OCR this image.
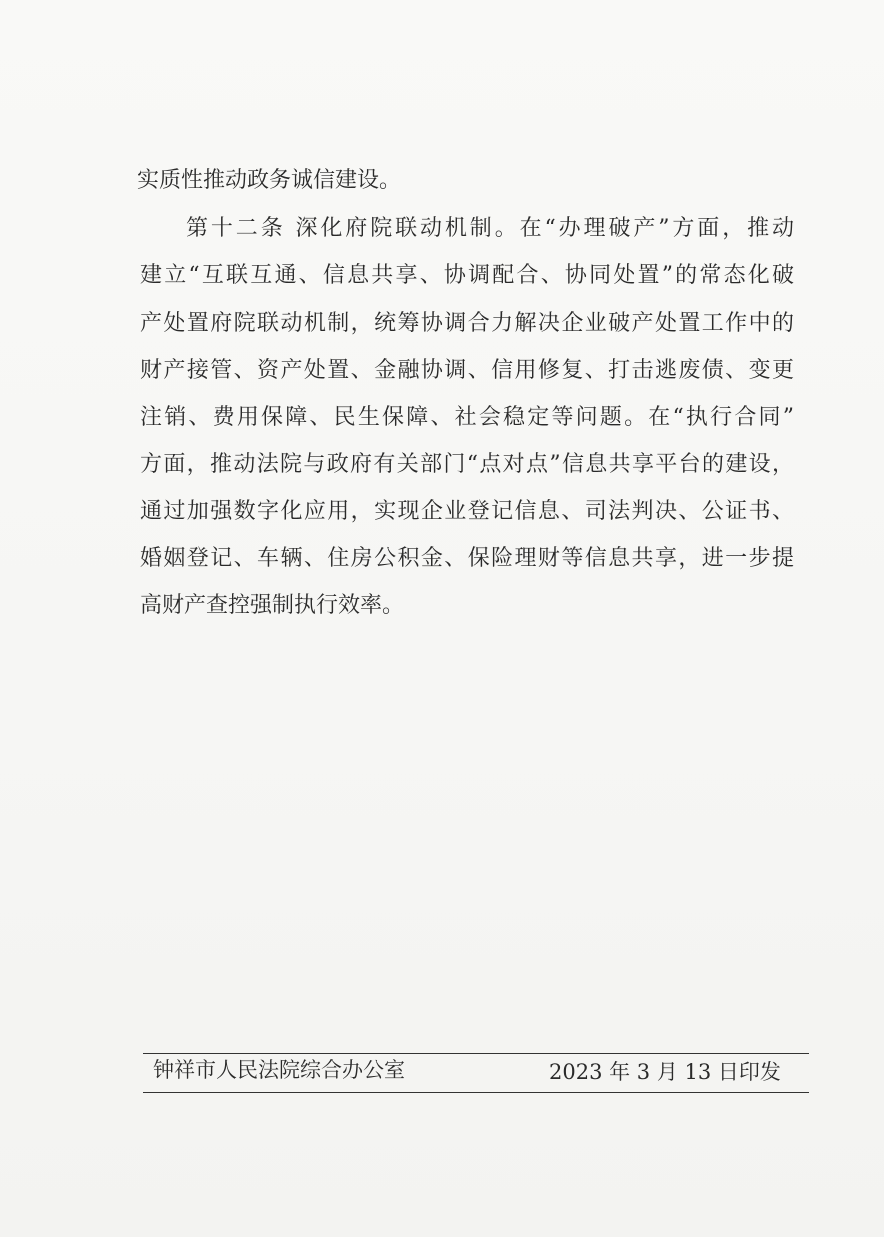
实质性推动政务诚信建设。
第十二条 深化府院联动机制。在“办理破产”方面，推动
建立“互联互通、信息共享、协调配合、协同处置”的常态化破
产处置府院联动机制，统筹协调合力解决企业破产处置工作中的
财产接管、资产处置、金融协调、信用修复、打击逃废债、变更
注销、费用保障、民生保障、社会稳定等问题。在“执行合同”
方面，推动法院与政府有关部门“点对点”信息共享平台的建设，
通过加强数字化应用，实现企业登记信息、司法判决、公证书、
婚姻登记、车辆、住房公积金、保险理财等信息共享，进一步提
高财产查控强制执行效率。
钟祥市人民法院综合办公室	2023 年 3 月 13 日印发
